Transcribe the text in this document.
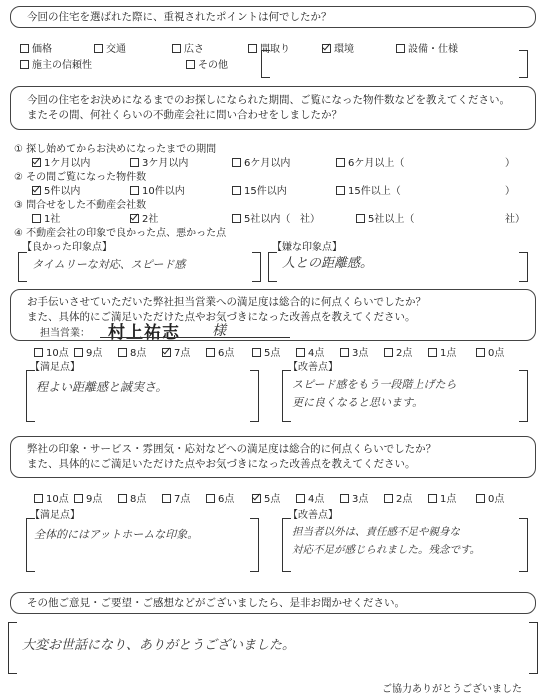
今回の住宅を選ばれた際に、重視されたポイントは何でしたか？

価格	交通	広さ	間取り	環境	設備・仕様
施主の信頼性	その他

今回の住宅をお決めになるまでのお探しになられた期間、ご覧になった物件数などを教えてください。

またその間、何社くらいの不動産会社に問い合わせをしましたか？

① 探し始めてからお決めになったまでの期間
1ケ月以内	3ケ月以内	6ケ月以内	6ケ月以上（	）
② その間ご覧になった物件数
5件以内	10件以内	15件以内	15件以上（	）
③ 問合せをした不動産会社数
1社	2社	5社以内（	5社以上（
社）	社）
④ 不動産会社の印象で良かった点、悪かった点
【良かった印象点】
タイムリーな対応、スピード感
【嫌な印象点】
人との距離感。

お手伝いさせていただいた弊社担当営業への満足度は総合的に何点くらいでしたか？

また、具体的にご満足いただけた点やお気づきになった改善点を教えてください。

担当営業： 村上祐志 様
10点	9点	8点	7点	6点	5点	4点	3点	2点	1点	0点
【満足点】
程よい距離感と誠実さ。
【改善点】
スピード感をもう一段階上げたら
更に良くなると思います。

弊社の印象・サービス・雰囲気・応対などへの満足度は総合的に何点くらいでしたか？

また、具体的にご満足いただけた点やお気づきになった改善点を教えてください。

10点	9点	8点	7点	6点	5点	4点	3点	2点	1点	0点
【満足点】
全体的にはアットホームな印象。
【改善点】
担当者以外は、責任感不足や親身な
対応不足が感じられました。残念です。

その他ご意見・ご要望・ご感想などがございましたら、是非お聞かせください。

大変お世話になり、ありがとうございました。
ご協力ありがとうございました
